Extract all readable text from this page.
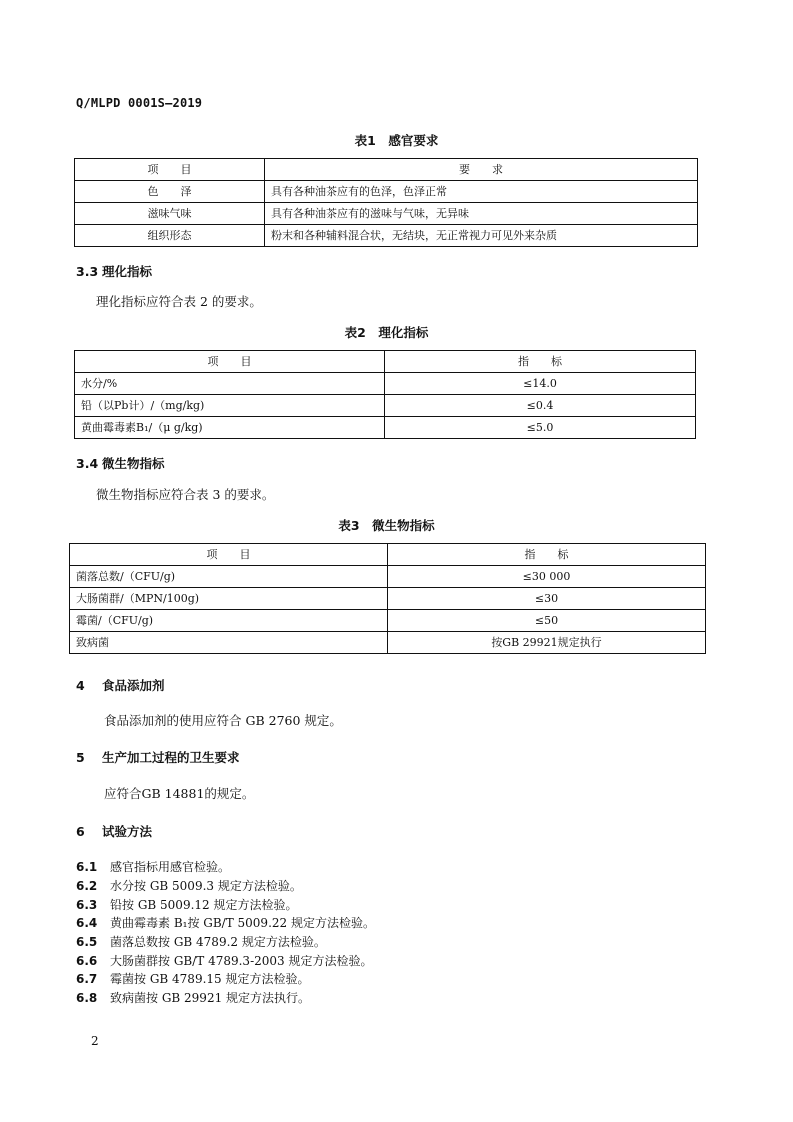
Q/MLPD 0001S—2019
表1　感官要求
项　　目	要　　求
色　　泽	具有各种油茶应有的色泽，色泽正常
滋味气味	具有各种油茶应有的滋味与气味，无异味
组织形态	粉末和各种辅料混合状，无结块，无正常视力可见外来杂质
3.3 理化指标
理化指标应符合表 2 的要求。
表2　理化指标
项　　目	指　　标
水分/%	≤14.0
铅（以Pb计）/（mg/kg)	≤0.4
黄曲霉毒素B₁/（μ g/kg)	≤5.0
3.4 微生物指标
微生物指标应符合表 3 的要求。
表3　微生物指标
项　　目	指　　标
菌落总数/（CFU/g)	≤30 000
大肠菌群/（MPN/100g)	≤30
霉菌/（CFU/g)	≤50
致病菌	按GB 29921规定执行
4 食品添加剂
食品添加剂的使用应符合 GB 2760 规定。
5 生产加工过程的卫生要求
应符合GB 14881的规定。
6 试验方法
6.1 感官指标用感官检验。
6.2 水分按 GB 5009.3 规定方法检验。
6.3 铅按 GB 5009.12 规定方法检验。
6.4 黄曲霉毒素 B₁按 GB/T 5009.22 规定方法检验。
6.5 菌落总数按 GB 4789.2 规定方法检验。
6.6 大肠菌群按 GB/T 4789.3-2003 规定方法检验。
6.7 霉菌按 GB 4789.15 规定方法检验。
6.8 致病菌按 GB 29921 规定方法执行。
2
